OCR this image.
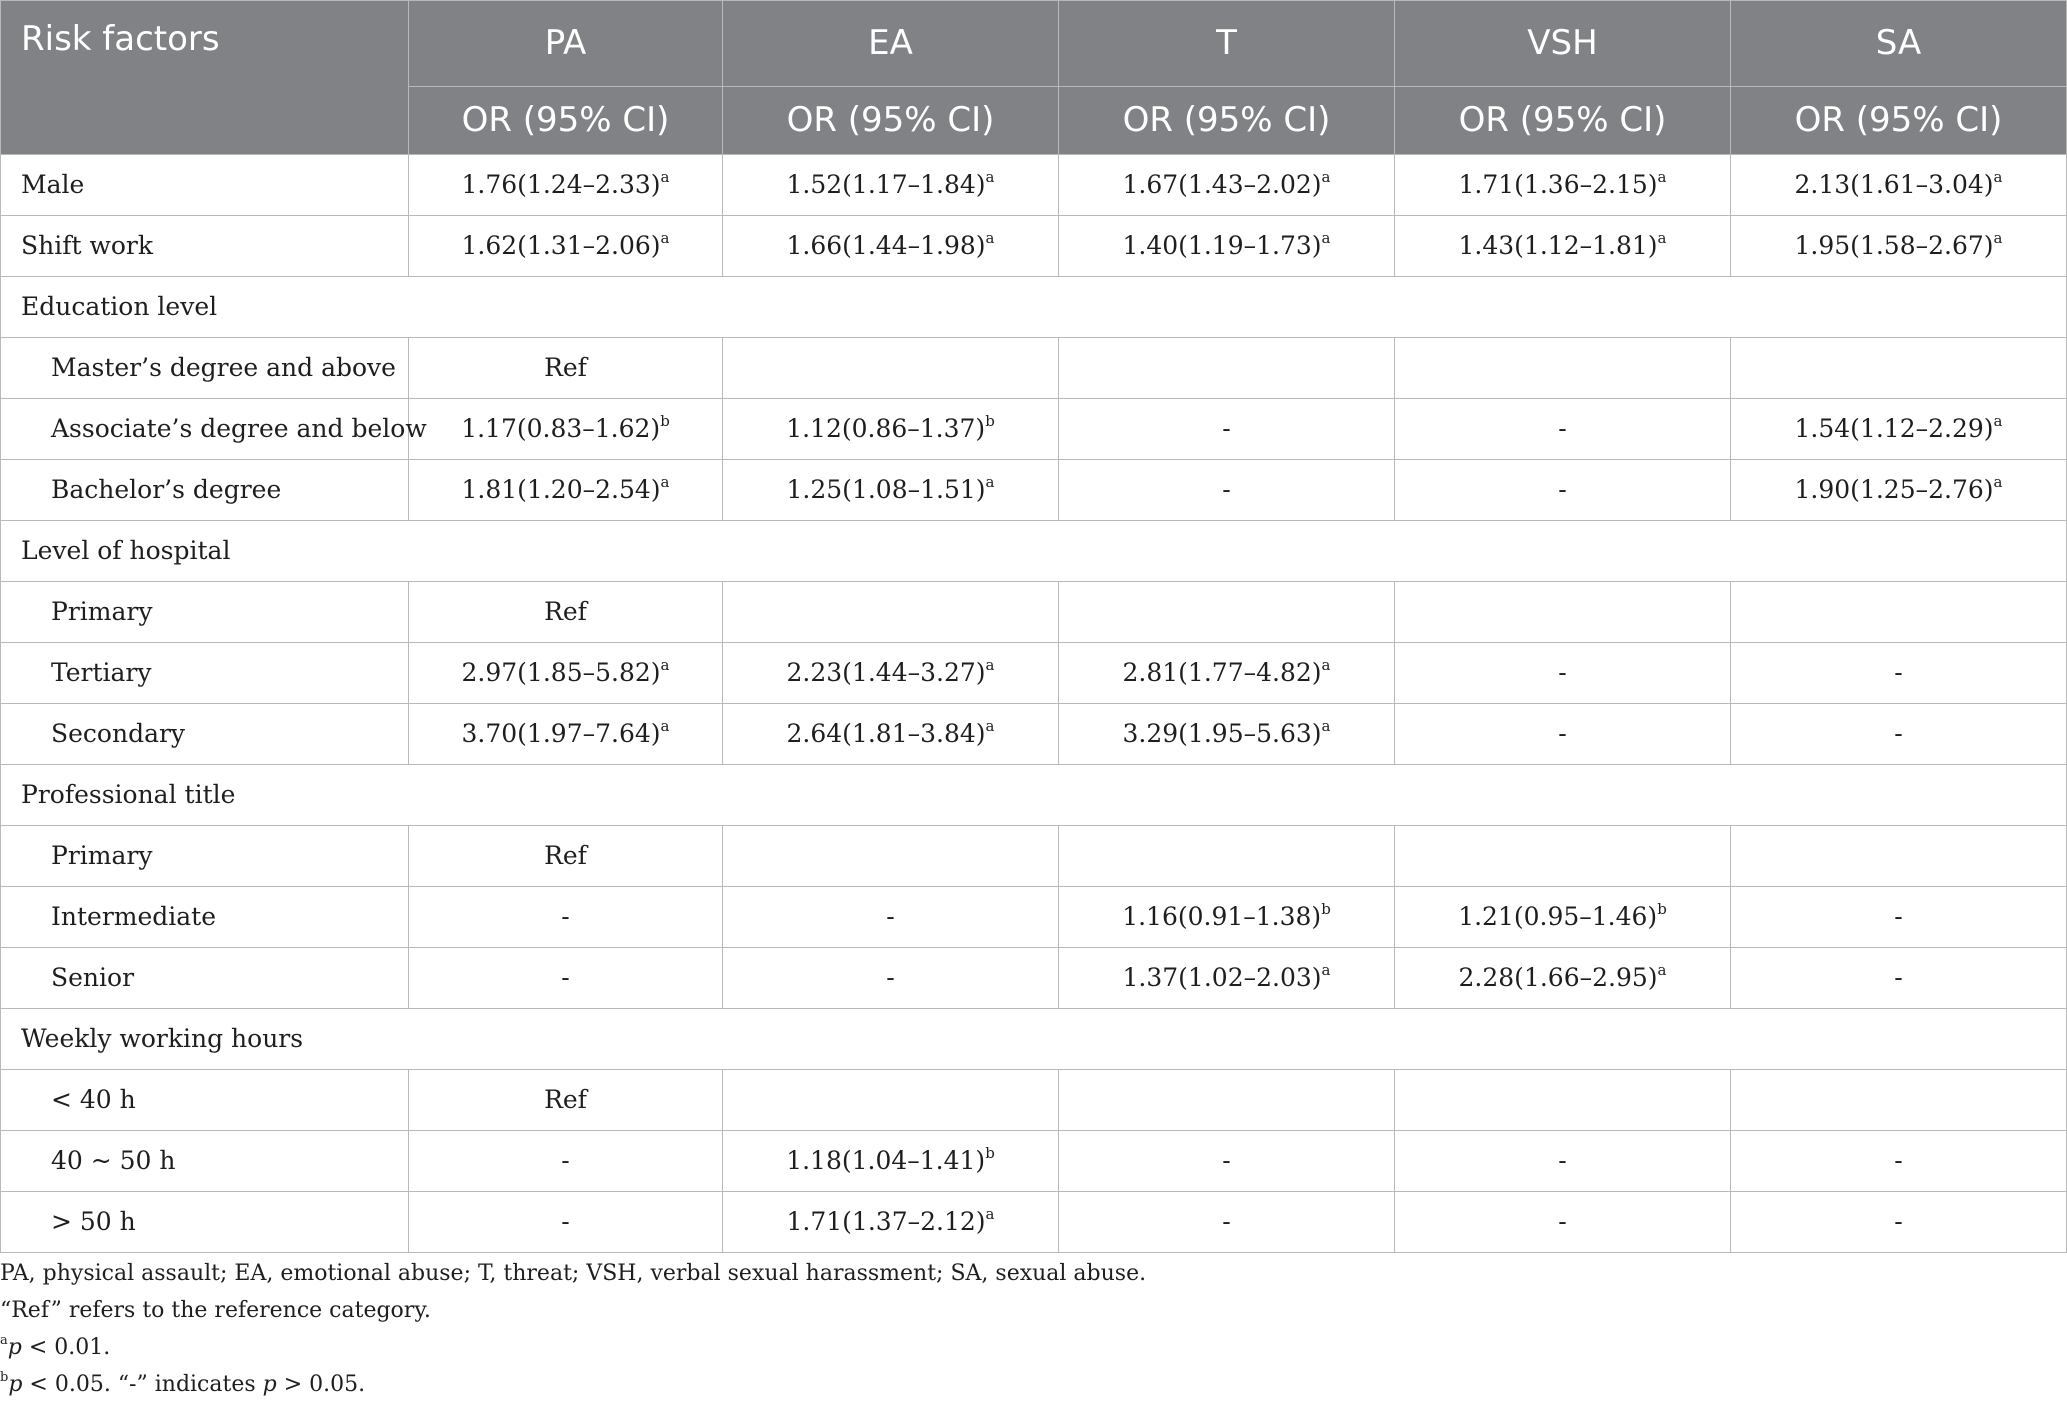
Risk factors	PA	EA	T	VSH	SA
	OR (95% CI)	OR (95% CI)	OR (95% CI)	OR (95% CI)	OR (95% CI)
Male	$1.76(1.24-2.33)^a$	$1.52(1.17-1.84)^a$	$1.67(1.43-2.02)^a$	$1.71(1.36-2.15)^a$	$2.13(1.61-3.04)^a$
Shift work	$1.62(1.31-2.06)^a$	$1.66(1.44-1.98)^a$	$1.40(1.19-1.73)^a$	$1.43(1.12-1.81)^a$	$1.95(1.58-2.67)^a$
Education level					
Master’s degree and above	Ref				
Associate’s degree and below	$1.17(0.83-1.62)^b$	$1.12(0.86-1.37)^b$	-	-	$1.54(1.12-2.29)^a$
Bachelor’s degree	$1.81(1.20-2.54)^a$	$1.25(1.08-1.51)^a$	-	-	$1.90(1.25-2.76)^a$
Level of hospital					
Primary	Ref				
Tertiary	$2.97(1.85-5.82)^a$	$2.23(1.44-3.27)^a$	$2.81(1.77-4.82)^a$	-	-
Secondary	$3.70(1.97-7.64)^a$	$2.64(1.81-3.84)^a$	$3.29(1.95-5.63)^a$	-	-
Professional title					
Primary	Ref				
Intermediate	-	-	$1.16(0.91-1.38)^b$	$1.21(0.95-1.46)^b$	-
Senior	-	-	$1.37(1.02-2.03)^a$	$2.28(1.66-2.95)^a$	-
Weekly working hours					
< 40 h	Ref				
40 ~ 50 h	-	$1.18(1.04-1.41)^b$	-	-	-
> 50 h	-	$1.71(1.37-2.12)^a$	-	-	-
PA, physical assault; EA, emotional abuse; T, threat; VSH, verbal sexual harassment; SA, sexual abuse.
“Ref” refers to the reference category.
$^a$p < 0.01.
$^b$p < 0.05. “-” indicates p > 0.05.
